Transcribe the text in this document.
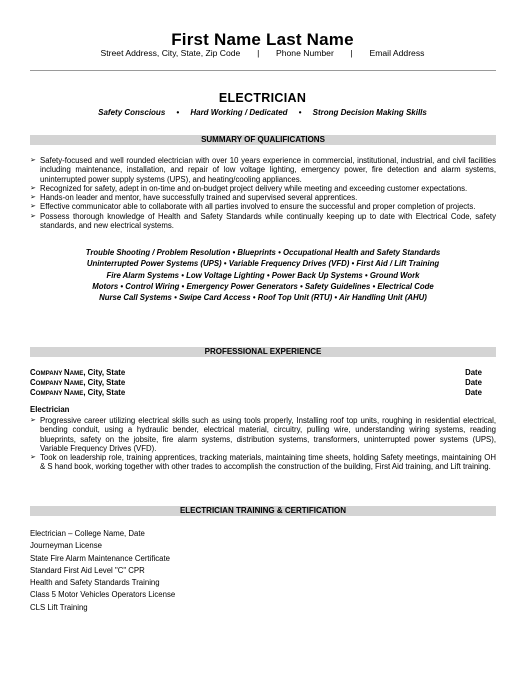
First Name Last Name
Street Address, City, State, Zip Code | Phone Number | Email Address
ELECTRICIAN
Safety Conscious • Hard Working / Dedicated • Strong Decision Making Skills
SUMMARY OF QUALIFICATIONS
➢ Safety-focused and well rounded electrician with over 10 years experience in commercial, institutional, industrial, and civil facilities including maintenance, installation, and repair of low voltage lighting, emergency power, fire detection and alarm systems, uninterrupted power supply systems (UPS), and heating/cooling appliances.
➢ Recognized for safety, adept in on-time and on-budget project delivery while meeting and exceeding customer expectations.
➢ Hands-on leader and mentor, have successfully trained and supervised several apprentices.
➢ Effective communicator able to collaborate with all parties involved to ensure the successful and proper completion of projects.
➢ Possess thorough knowledge of Health and Safety Standards while continually keeping up to date with Electrical Code, safety standards, and new electrical systems.
Trouble Shooting / Problem Resolution • Blueprints • Occupational Health and Safety Standards
Uninterrupted Power Systems (UPS) • Variable Frequency Drives (VFD) • First Aid / Lift Training
Fire Alarm Systems • Low Voltage Lighting • Power Back Up Systems • Ground Work
Motors • Control Wiring • Emergency Power Generators • Safety Guidelines • Electrical Code
Nurse Call Systems • Swipe Card Access • Roof Top Unit (RTU) • Air Handling Unit (AHU)
PROFESSIONAL EXPERIENCE
COMPANY NAME, City, State	Date
COMPANY NAME, City, State	Date
COMPANY NAME, City, State	Date
Electrician
➢ Progressive career utilizing electrical skills such as using tools properly, Installing roof top units, roughing in residential electrical, bending conduit, using a hydraulic bender, electrical material, circuitry, pulling wire, understanding wiring systems, reading blueprints, safety on the jobsite, fire alarm systems, distribution systems, transformers, uninterrupted power systems (UPS), Variable Frequency Drives (VFD).
➢ Took on leadership role, training apprentices, tracking materials, maintaining time sheets, holding Safety meetings, maintaining OH & S hand book, working together with other trades to accomplish the construction of the building, First Aid training, and Lift training.
ELECTRICIAN TRAINING & CERTIFICATION
Electrician – College Name, Date
Journeyman License
State Fire Alarm Maintenance Certificate
Standard First Aid Level "C" CPR
Health and Safety Standards Training
Class 5 Motor Vehicles Operators License
CLS Lift Training
